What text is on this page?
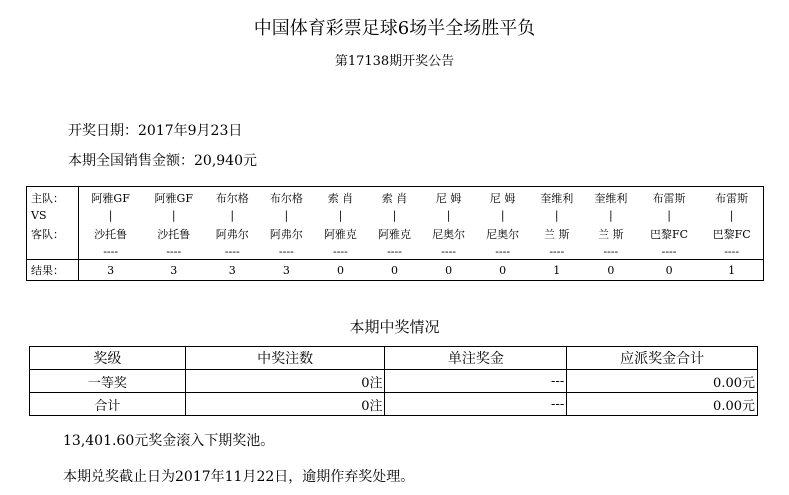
中国体育彩票足球6场半全场胜平负
第17138期开奖公告
开奖日期：2017年9月23日
本期全国销售金额：20,940元
主队：	阿雅GF	阿雅GF	布尔格	布尔格	索 肖	索 肖	尼 姆	尼 姆	奎维利	奎维利	布雷斯	布雷斯
VS	|	|	|	|	|	|	|	|	|	|	|	|
客队：	沙托鲁	沙托鲁	阿弗尔	阿弗尔	阿雅克	阿雅克	尼奥尔	尼奥尔	兰 斯	兰 斯	巴黎FC	巴黎FC
	----	----	----	----	----	----	----	----	----	----	----	----
结果：	3	3	3	3	0	0	0	0	1	0	0	1
本期中奖情况
奖级	中奖注数	单注奖金	应派奖金合计
一等奖	0注	---	0.00元
合计	0注	---	0.00元
13,401.60元奖金滚入下期奖池。
本期兑奖截止日为2017年11月22日，逾期作弃奖处理。
